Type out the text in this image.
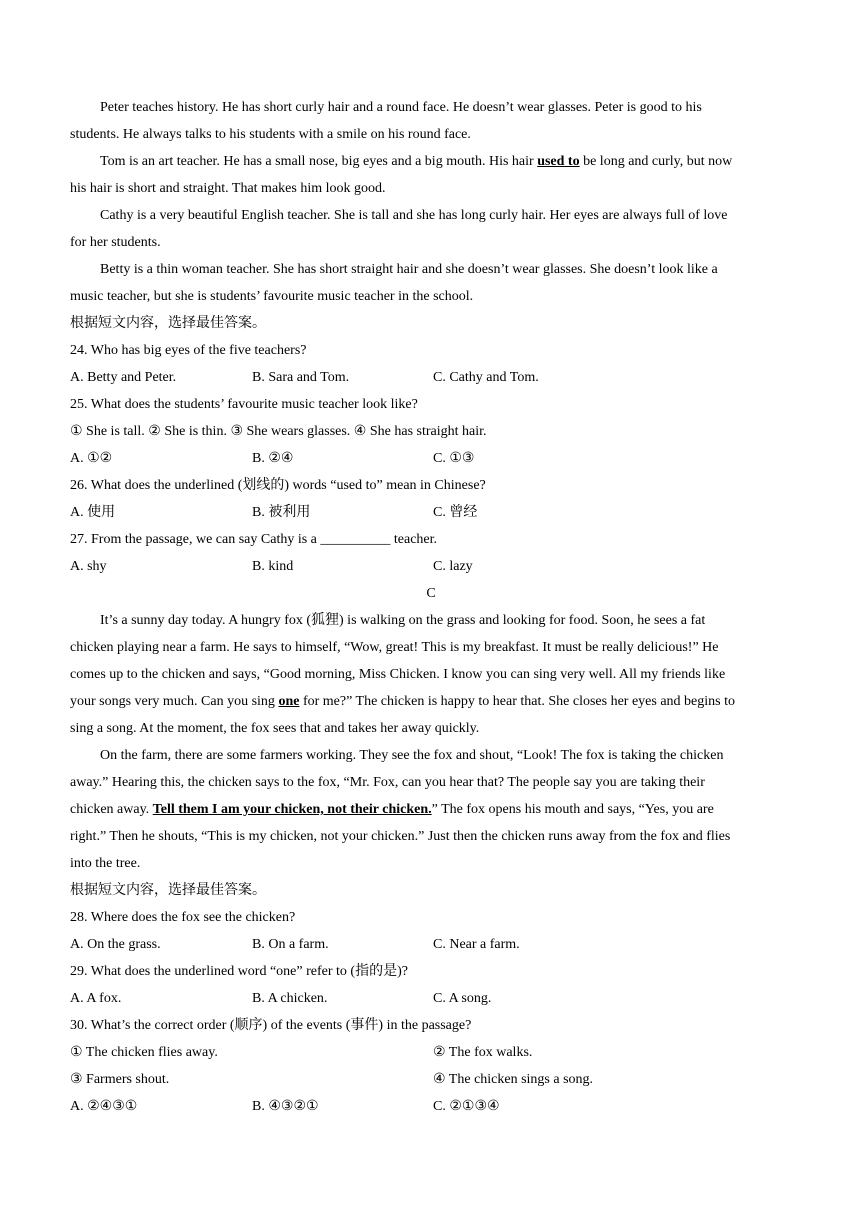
Peter teaches history. He has short curly hair and a round face. He doesn’t wear glasses. Peter is good to his
students. He always talks to his students with a smile on his round face.
Tom is an art teacher. He has a small nose, big eyes and a big mouth. His hair used to be long and curly, but now
his hair is short and straight. That makes him look good.
Cathy is a very beautiful English teacher. She is tall and she has long curly hair. Her eyes are always full of love
for her students.
Betty is a thin woman teacher. She has short straight hair and she doesn’t wear glasses. She doesn’t look like a
music teacher, but she is students’ favourite music teacher in the school.
根据短文内容，选择最佳答案。
24. Who has big eyes of the five teachers?
A. Betty and Peter.	B. Sara and Tom.	C. Cathy and Tom.
25. What does the students’ favourite music teacher look like?
① She is tall. ② She is thin. ③ She wears glasses. ④ She has straight hair.
A. ①②	B. ②④	C. ①③
26. What does the underlined (划线的) words “used to” mean in Chinese?
A. 使用	B. 被利用	C. 曾经
27. From the passage, we can say Cathy is a __________ teacher.
A. shy	B. kind	C. lazy
C
It’s a sunny day today. A hungry fox (狐狸) is walking on the grass and looking for food. Soon, he sees a fat
chicken playing near a farm. He says to himself, “Wow, great! This is my breakfast. It must be really delicious!” He
comes up to the chicken and says, “Good morning, Miss Chicken. I know you can sing very well. All my friends like
your songs very much. Can you sing one for me?” The chicken is happy to hear that. She closes her eyes and begins to
sing a song. At the moment, the fox sees that and takes her away quickly.
On the farm, there are some farmers working. They see the fox and shout, “Look! The fox is taking the chicken
away.” Hearing this, the chicken says to the fox, “Mr. Fox, can you hear that? The people say you are taking their
chicken away. Tell them I am your chicken, not their chicken.” The fox opens his mouth and says, “Yes, you are
right.” Then he shouts, “This is my chicken, not your chicken.” Just then the chicken runs away from the fox and flies
into the tree.
根据短文内容，选择最佳答案。
28. Where does the fox see the chicken?
A. On the grass.	B. On a farm.	C. Near a farm.
29. What does the underlined word “one” refer to (指的是)?
A. A fox.	B. A chicken.	C. A song.
30. What’s the correct order (顺序) of the events (事件) in the passage?
① The chicken flies away.	② The fox walks.
③ Farmers shout.	④ The chicken sings a song.
A. ②④③①	B. ④③②①	C. ②①③④
